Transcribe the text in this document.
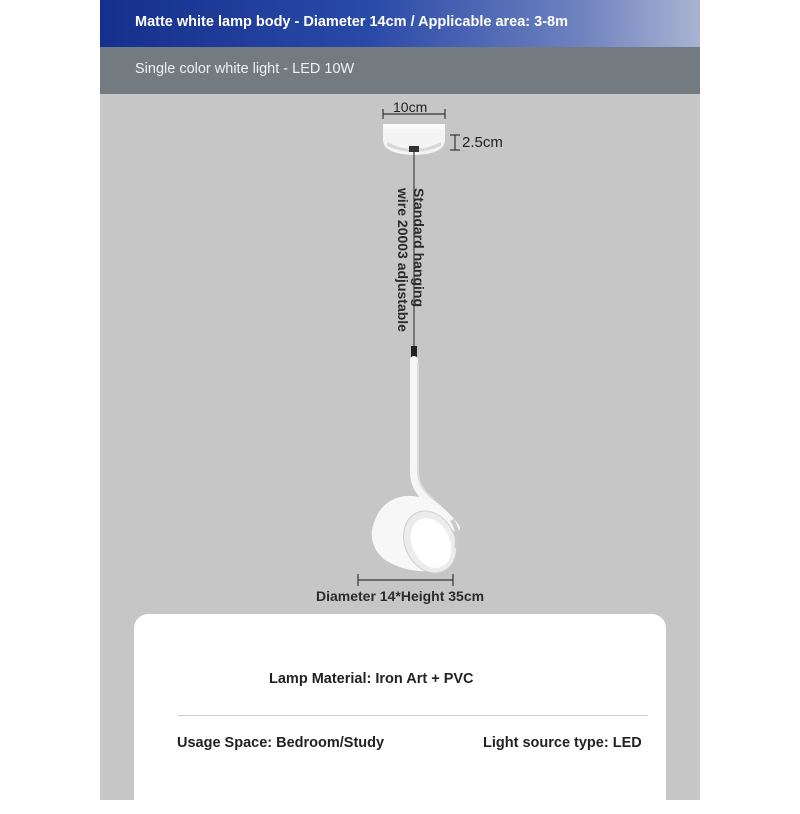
Matte white lamp body - Diameter 14cm / Applicable area: 3-8m
Single color white light - LED 10W
10cm
2.5cm
Standard hanging
wire 20003 adjustable
Diameter 14*Height 35cm
Lamp Material: Iron Art + PVC
Usage Space: Bedroom/Study	Light source type: LED
